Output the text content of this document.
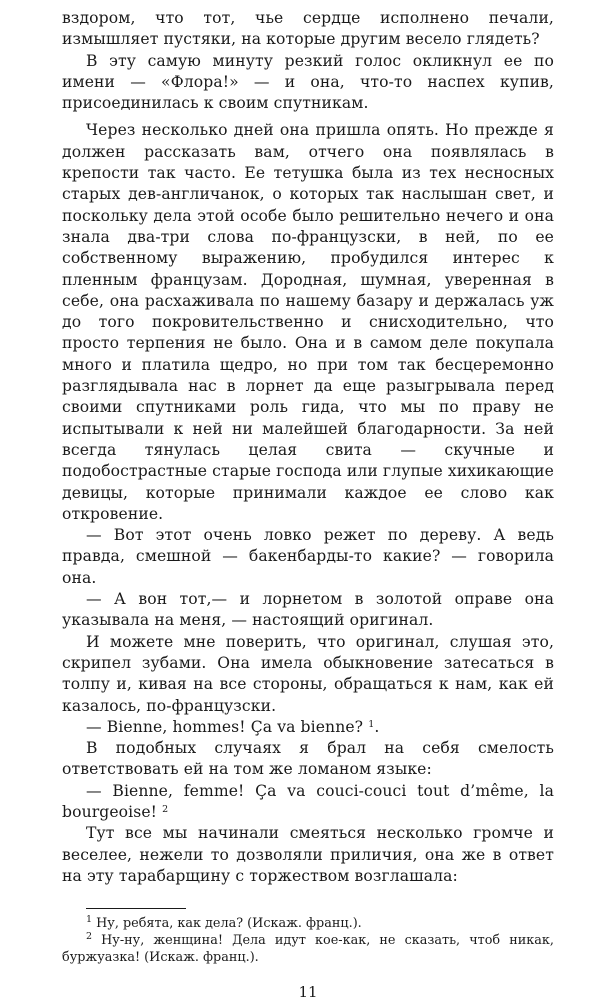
вздором, что тот, чье сердце исполнено печали, измышляет пустяки, на которые другим весело глядеть?

В эту самую минуту резкий голос окликнул ее по имени — «Флора!» — и она, что-то наспех купив, присоединилась к своим спутникам.

Через несколько дней она пришла опять. Но прежде я должен рассказать вам, отчего она появлялась в крепости так часто. Ее тетушка была из тех несносных старых дев-англичанок, о которых так наслышан свет, и поскольку дела этой особе было решительно нечего и она знала два-три слова по-французски, в ней, по ее собственному выражению, пробудился интерес к пленным французам. Дородная, шумная, уверенная в себе, она расхаживала по нашему базару и держалась уж до того покровительственно и снисходительно, что просто терпения не было. Она и в самом деле покупала много и платила щедро, но при том так бесцеремонно разглядывала нас в лорнет да еще разыгрывала перед своими спутниками роль гида, что мы по праву не испытывали к ней ни малейшей благодарности. За ней всегда тянулась целая свита — скучные и подобострастные старые господа или глупые хихикающие девицы, которые принимали каждое ее слово как откровение.

— Вот этот очень ловко режет по дереву. А ведь правда, смешной — бакенбарды-то какие? — говорила она.

— А вон тот,— и лорнетом в золотой оправе она указывала на меня, — настоящий оригинал.

И можете мне поверить, что оригинал, слушая это, скрипел зубами. Она имела обыкновение затесаться в толпу и, кивая на все стороны, обращаться к нам, как ей казалось, по-французски.

— Bienne, hommes! Ça va bienne? $^1$.

В подобных случаях я брал на себя смелость ответствовать ей на том же ломаном языке:

— Bienne, femme! Ça va couci-couci tout d’même, la bourgeoise! $^2$

Тут все мы начинали смеяться несколько громче и веселее, нежели то дозволяли приличия, она же в ответ на эту тарабарщину с торжеством возглашала:

$^1$ Ну, ребята, как дела? (Искаж. франц.).

$^2$ Ну-ну, женщина! Дела идут кое-как, не сказать, чтоб никак, буржуазка! (Искаж. франц.).

11
